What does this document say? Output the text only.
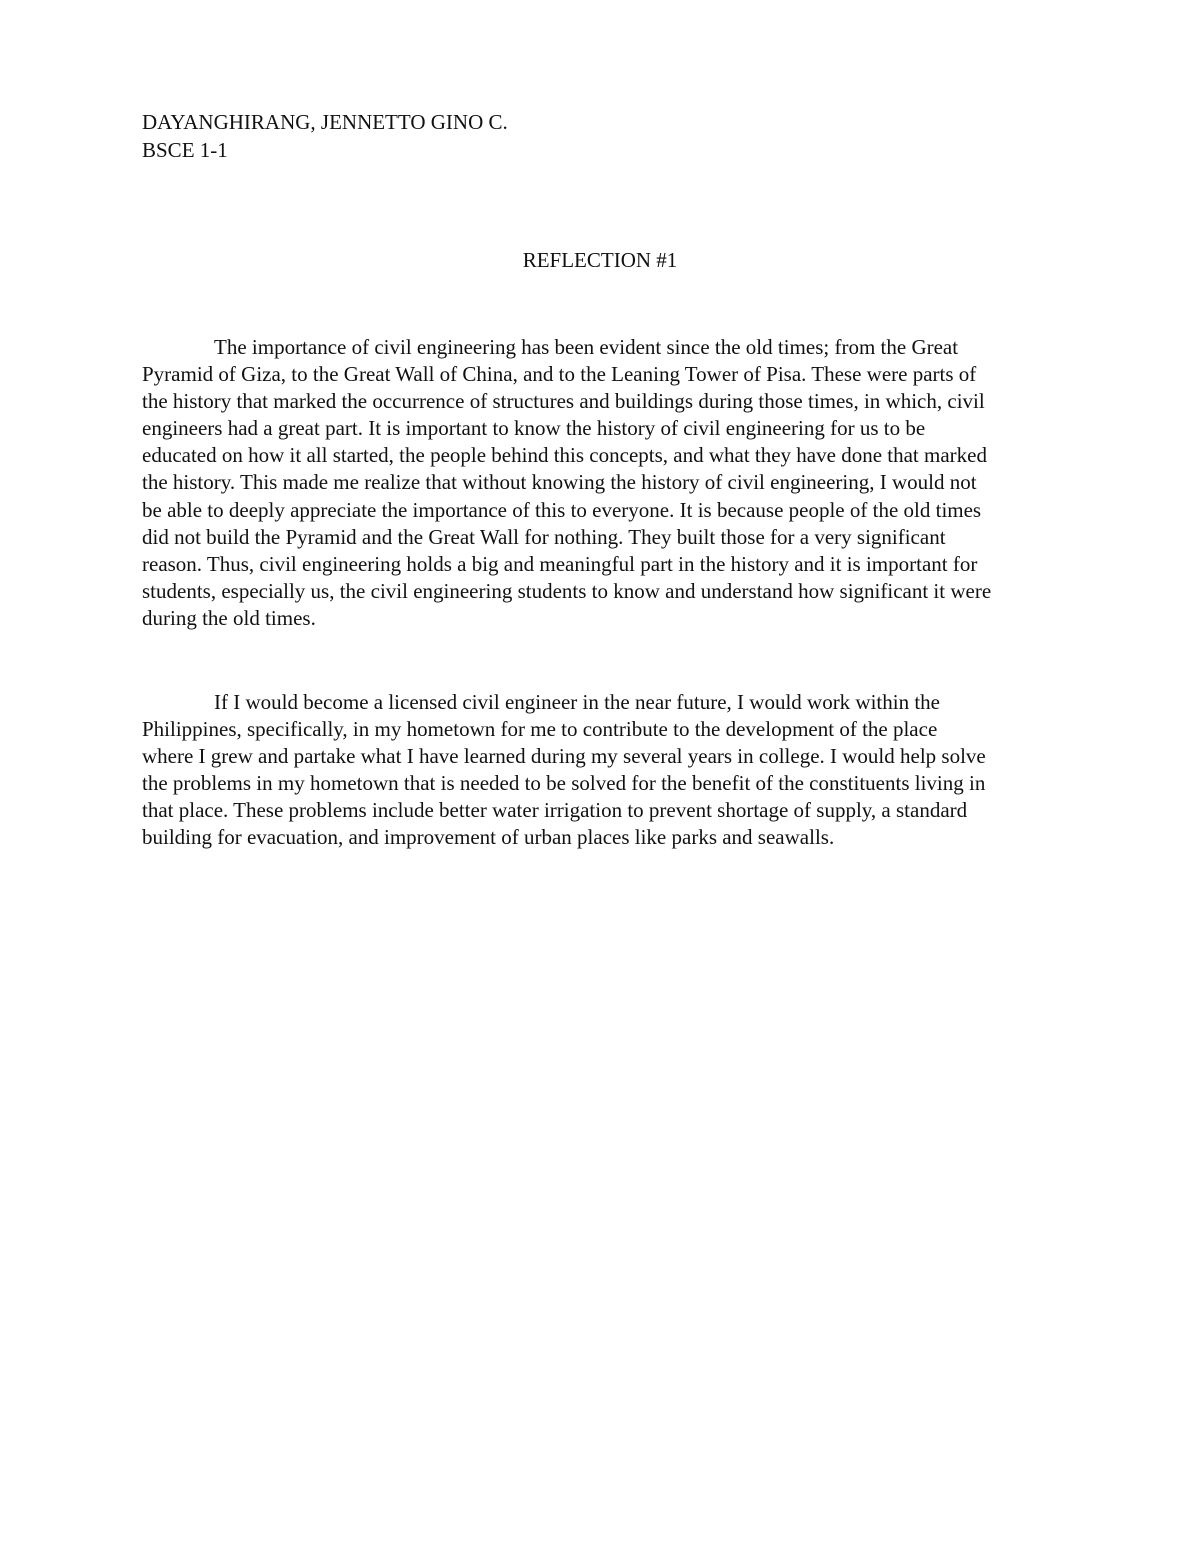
DAYANGHIRANG, JENNETTO GINO C.
BSCE 1-1
REFLECTION #1
The importance of civil engineering has been evident since the old times; from the Great
Pyramid of Giza, to the Great Wall of China, and to the Leaning Tower of Pisa. These were parts of
the history that marked the occurrence of structures and buildings during those times, in which, civil
engineers had a great part. It is important to know the history of civil engineering for us to be
educated on how it all started, the people behind this concepts, and what they have done that marked
the history. This made me realize that without knowing the history of civil engineering, I would not
be able to deeply appreciate the importance of this to everyone. It is because people of the old times
did not build the Pyramid and the Great Wall for nothing. They built those for a very significant
reason. Thus, civil engineering holds a big and meaningful part in the history and it is important for
students, especially us, the civil engineering students to know and understand how significant it were
during the old times.
If I would become a licensed civil engineer in the near future, I would work within the
Philippines, specifically, in my hometown for me to contribute to the development of the place
where I grew and partake what I have learned during my several years in college. I would help solve
the problems in my hometown that is needed to be solved for the benefit of the constituents living in
that place. These problems include better water irrigation to prevent shortage of supply, a standard
building for evacuation, and improvement of urban places like parks and seawalls.
